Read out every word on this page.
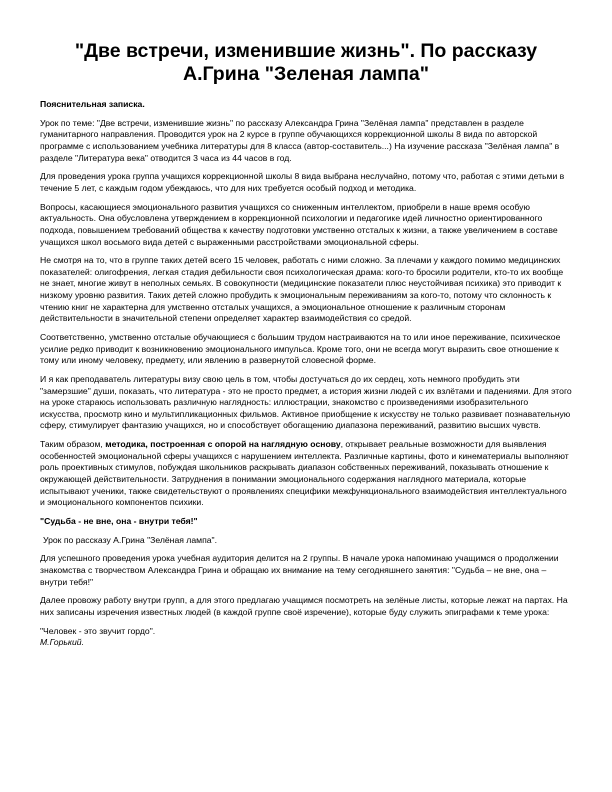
"Две встречи, изменившие жизнь". По рассказу
А.Грина "Зеленая лампа"

Пояснительная записка.

Урок по теме: "Две встречи, изменившие жизнь" по рассказу Александра Грина "Зелёная лампа" представлен в разделе гуманитарного направления. Проводится урок на 2 курсе в группе обучающихся коррекционной школы 8 вида по авторской программе с использованием учебника литературы для 8 класса (автор-составитель...) На изучение рассказа "Зелёная лампа" в разделе "Литература века" отводится 3 часа из 44 часов в год.

Для проведения урока группа учащихся коррекционной школы 8 вида выбрана неслучайно, потому что, работая с этими детьми в течение 5 лет, с каждым годом убеждаюсь, что для них требуется особый подход и методика.

Вопросы, касающиеся эмоционального развития учащихся со сниженным интеллектом, приобрели в наше время особую актуальность. Она обусловлена утверждением в коррекционной психологии и педагогике идей личностно ориентированного подхода, повышением требований общества к качеству подготовки умственно отсталых к жизни, а также увеличением в составе учащихся школ восьмого вида детей с выраженными расстройствами эмоциональной сферы.

Не смотря на то, что в группе таких детей всего 15 человек, работать с ними сложно. За плечами у каждого помимо медицинских показателей: олигофрения, легкая стадия дебильности своя психологическая драма: кого-то бросили родители, кто-то их вообще не знает, многие живут в неполных семьях. В совокупности (медицинские показатели плюс неустойчивая психика) это приводит к низкому уровню развития. Таких детей сложно пробудить к эмоциональным переживаниям за кого-то, потому что склонность к чтению книг не характерна для умственно отсталых учащихся, а эмоциональное отношение к различным сторонам действительности в значительной степени определяет характер взаимодействия со средой.

Соответственно, умственно отсталые обучающиеся с большим трудом настраиваются на то или иное переживание, психическое усилие редко приводит к возникновению эмоционального импульса. Кроме того, они не всегда могут выразить свое отношение к тому или иному человеку, предмету, или явлению в развернутой словесной форме.

И я как преподаватель литературы визу свою цель в том, чтобы достучаться до их сердец, хоть немного пробудить эти "замерзшие" души, показать, что литература - это не просто предмет, а история жизни людей с их взлётами и падениями. Для этого на уроке стараюсь использовать различную наглядность: иллюстрации, знакомство с произведениями изобразительного искусства, просмотр кино и мультипликационных фильмов. Активное приобщение к искусству не только развивает познавательную сферу, стимулирует фантазию учащихся, но и способствует обогащению диапазона переживаний, развитию высших чувств.

Таким образом, методика, построенная с опорой на наглядную основу, открывает реальные возможности для выявления особенностей эмоциональной сферы учащихся с нарушением интеллекта. Различные картины, фото и кинематериалы выполняют роль проективных стимулов, побуждая школьников раскрывать диапазон собственных переживаний, показывать отношение к окружающей действительности. Затруднения в понимании эмоционального содержания наглядного материала, которые испытывают ученики, также свидетельствуют о проявлениях специфики межфункционального взаимодействия интеллектуального и эмоционального компонентов психики.

"Судьба - не вне, она - внутри тебя!"

Урок по рассказу А.Грина "Зелёная лампа".

Для успешного проведения урока учебная аудитория делится на 2 группы. В начале урока напоминаю учащимся о продолжении знакомства с творчеством Александра Грина и обращаю их внимание на тему сегодняшнего занятия: "Судьба – не вне, она – внутри тебя!"

Далее провожу работу внутри групп, а для этого предлагаю учащимся посмотреть на зелёные листы, которые лежат на партах. На них записаны изречения известных людей (в каждой группе своё изречение), которые буду служить эпиграфами к теме урока:

"Человек - это звучит гордо".

М.Горький.
